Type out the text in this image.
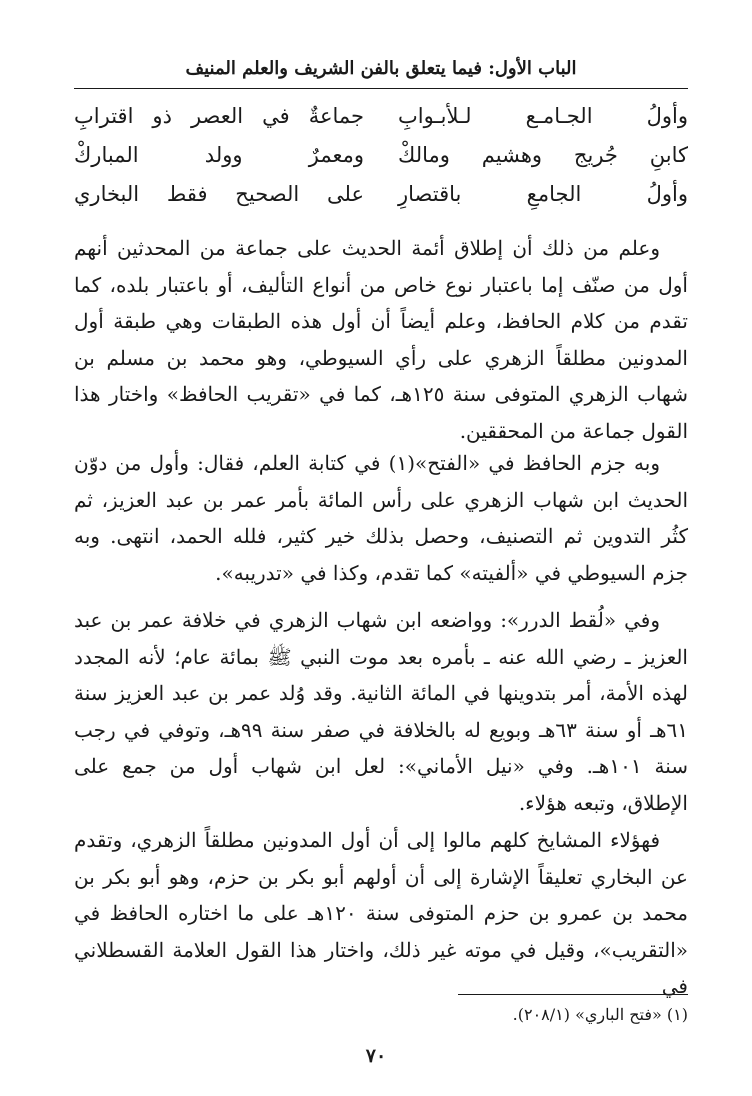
الباب الأول: فيما يتعلق بالفن الشريف والعلم المنيف
وأولُ الجـامـع لـلأبـوابِ
جماعةٌ في العصر ذو اقترابِ
كابنِ جُريج وهشيم ومالكْ
ومعمرٌ وولد المباركْ
وأولُ الجامعِ باقتصارِ
على الصحيح فقط البخاري

وعلم من ذلك أن إطلاق أئمة الحديث على جماعة من المحدثين أنهم أول من صنّف إما باعتبار نوع خاص من أنواع التأليف، أو باعتبار بلده، كما تقدم من كلام الحافظ، وعلم أيضاً أن أول هذه الطبقات وهي طبقة أول المدونين مطلقاً الزهري على رأي السيوطي، وهو محمد بن مسلم بن شهاب الزهري المتوفى سنة ١٢٥هـ، كما في «تقريب الحافظ» واختار هذا القول جماعة من المحققين.

وبه جزم الحافظ في «الفتح»(١) في كتابة العلم، فقال: وأول من دوّن الحديث ابن شهاب الزهري على رأس المائة بأمر عمر بن عبد العزيز، ثم كثُر التدوين ثم التصنيف، وحصل بذلك خير كثير، فلله الحمد، انتهى. وبه جزم السيوطي في «ألفيته» كما تقدم، وكذا في «تدريبه».

وفي «لُقط الدرر»: وواضعه ابن شهاب الزهري في خلافة عمر بن عبد العزيز ـ رضي الله عنه ـ بأمره بعد موت النبي ﷺ بمائة عام؛ لأنه المجدد لهذه الأمة، أمر بتدوينها في المائة الثانية. وقد وُلد عمر بن عبد العزيز سنة ٦١هـ أو سنة ٦٣هـ وبويع له بالخلافة في صفر سنة ٩٩هـ، وتوفي في رجب سنة ١٠١هـ. وفي «نيل الأماني»: لعل ابن شهاب أول من جمع على الإطلاق، وتبعه هؤلاء.

فهؤلاء المشايخ كلهم مالوا إلى أن أول المدونين مطلقاً الزهري، وتقدم عن البخاري تعليقاً الإشارة إلى أن أولهم أبو بكر بن حزم، وهو أبو بكر بن محمد بن عمرو بن حزم المتوفى سنة ١٢٠هـ على ما اختاره الحافظ في «التقريب»، وقيل في موته غير ذلك، واختار هذا القول العلامة القسطلاني في

(١) «فتح الباري» (٢٠٨/١).
٧٠
